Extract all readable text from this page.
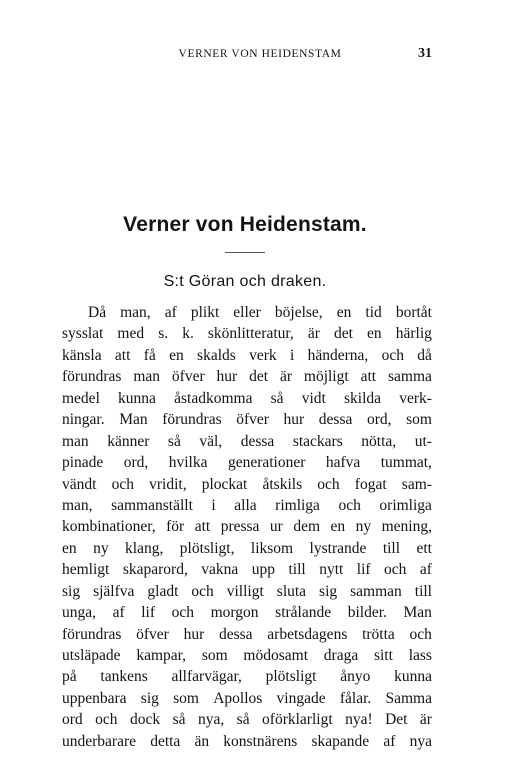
VERNER VON HEIDENSTAM	31
Verner von Heidenstam.
S:t Göran och draken.
Då man, af plikt eller böjelse, en tid bortåt
sysslat med s. k. skönlitteratur, är det en härlig
känsla att få en skalds verk i händerna, och då
förundras man öfver hur det är möjligt att samma
medel kunna åstadkomma så vidt skilda verk-
ningar. Man förundras öfver hur dessa ord, som
man känner så väl, dessa stackars nötta, ut-
pinade ord, hvilka generationer hafva tummat,
vändt och vridit, plockat åtskils och fogat sam-
man, sammanställt i alla rimliga och orimliga
kombinationer, för att pressa ur dem en ny mening,
en ny klang, plötsligt, liksom lystrande till ett
hemligt skaparord, vakna upp till nytt lif och af
sig själfva gladt och villigt sluta sig samman till
unga, af lif och morgon strålande bilder. Man
förundras öfver hur dessa arbetsdagens trötta och
utsläpade kampar, som mödosamt draga sitt lass
på tankens allfarvägar, plötsligt ånyo kunna
uppenbara sig som Apollos vingade fålar. Samma
ord och dock så nya, så oförklarligt nya! Det är
underbarare detta än konstnärens skapande af nya
